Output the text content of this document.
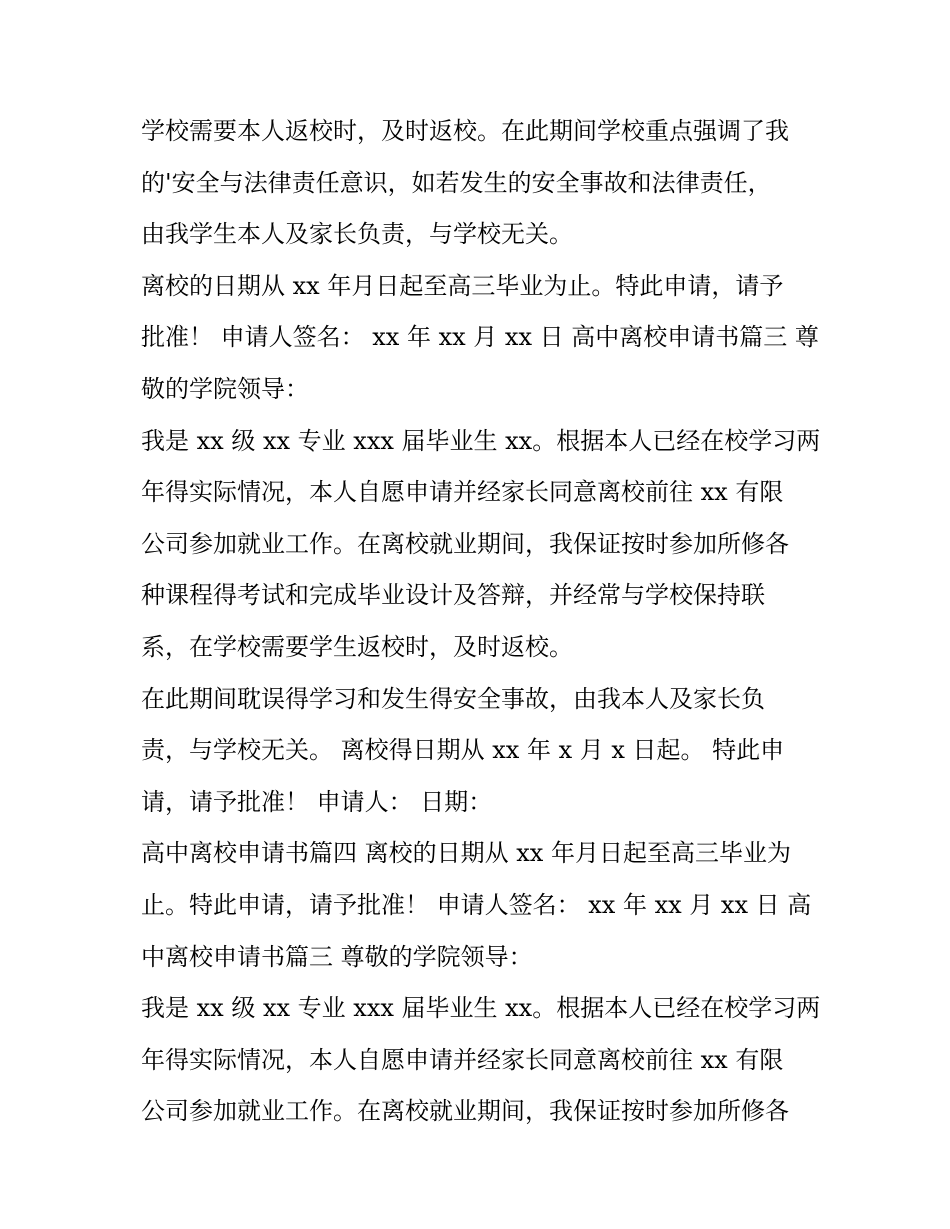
学校需要本人返校时，及时返校。在此期间学校重点强调了我
的'安全与法律责任意识，如若发生的安全事故和法律责任，
由我学生本人及家长负责，与学校无关。
离校的日期从 xx 年月日起至高三毕业为止。特此申请，请予
批准！ 申请人签名： xx 年 xx 月 xx 日 高中离校申请书篇三 尊
敬的学院领导：
我是 xx 级 xx 专业 xxx 届毕业生 xx。根据本人已经在校学习两
年得实际情况，本人自愿申请并经家长同意离校前往 xx 有限
公司参加就业工作。在离校就业期间，我保证按时参加所修各
种课程得考试和完成毕业设计及答辩，并经常与学校保持联
系，在学校需要学生返校时，及时返校。
在此期间耽误得学习和发生得安全事故，由我本人及家长负
责，与学校无关。 离校得日期从 xx 年 x 月 x 日起。 特此申
请，请予批准！ 申请人： 日期：
高中离校申请书篇四 离校的日期从 xx 年月日起至高三毕业为
止。特此申请，请予批准！ 申请人签名： xx 年 xx 月 xx 日 高
中离校申请书篇三 尊敬的学院领导：
我是 xx 级 xx 专业 xxx 届毕业生 xx。根据本人已经在校学习两
年得实际情况，本人自愿申请并经家长同意离校前往 xx 有限
公司参加就业工作。在离校就业期间，我保证按时参加所修各
